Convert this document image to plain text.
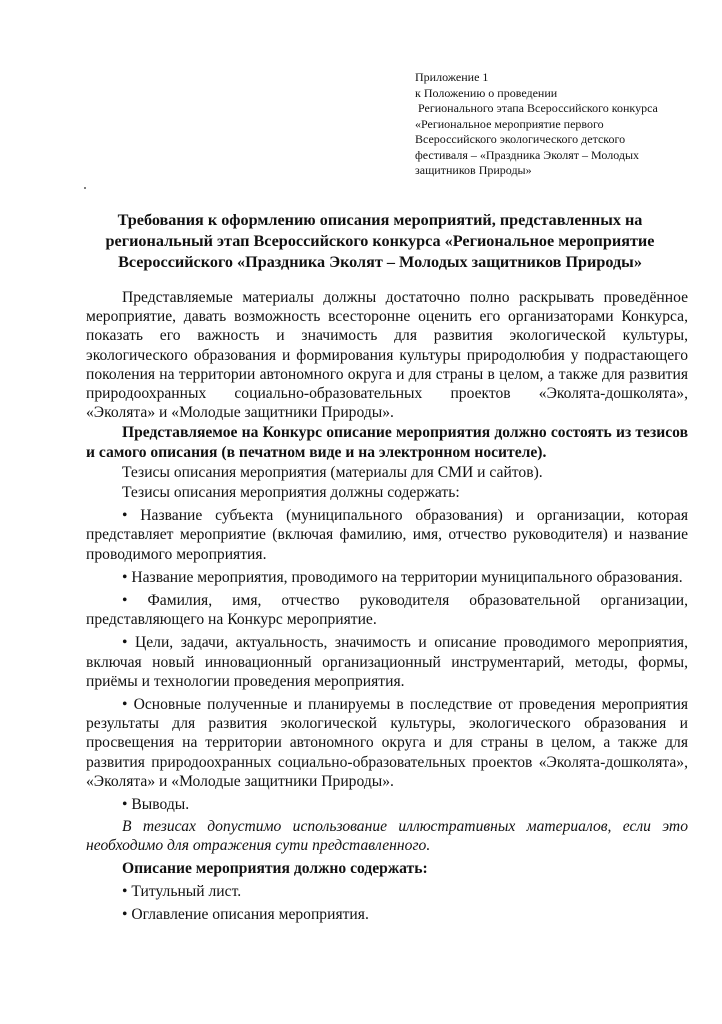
Приложение 1
к Положению о проведении
Регионального этапа Всероссийского конкурса
«Региональное мероприятие первого
Всероссийского экологического детского
фестиваля – «Праздника Эколят – Молодых
защитников Природы»
Требования к оформлению описания мероприятий, представленных на
региональный этап Всероссийского конкурса «Региональное мероприятие
Всероссийского «Праздника Эколят – Молодых защитников Природы»

Представляемые материалы должны достаточно полно раскрывать проведённое мероприятие, давать возможность всесторонне оценить его организаторами Конкурса, показать его важность и значимость для развития экологической культуры, экологического образования и формирования культуры природолюбия у подрастающего поколения на территории автономного округа и для страны в целом, а также для развития природоохранных социально-образовательных проектов «Эколята-дошколята», «Эколята» и «Молодые защитники Природы».

Представляемое на Конкурс описание мероприятия должно состоять из тезисов и самого описания (в печатном виде и на электронном носителе).

Тезисы описания мероприятия (материалы для СМИ и сайтов).

Тезисы описания мероприятия должны содержать:

• Название субъекта (муниципального образования) и организации, которая представляет мероприятие (включая фамилию, имя, отчество руководителя) и название проводимого мероприятия.

• Название мероприятия, проводимого на территории муниципального образования.

• Фамилия, имя, отчество руководителя образовательной организации, представляющего на Конкурс мероприятие.

• Цели, задачи, актуальность, значимость и описание проводимого мероприятия, включая новый инновационный организационный инструментарий, методы, формы, приёмы и технологии проведения мероприятия.

• Основные полученные и планируемы в последствие от проведения мероприятия результаты для развития экологической культуры, экологического образования и просвещения на территории автономного округа и для страны в целом, а также для развития природоохранных социально-образовательных проектов «Эколята-дошколята», «Эколята» и «Молодые защитники Природы».

• Выводы.

В тезисах допустимо использование иллюстративных материалов, если это необходимо для отражения сути представленного.

Описание мероприятия должно содержать:

• Титульный лист.

• Оглавление описания мероприятия.
